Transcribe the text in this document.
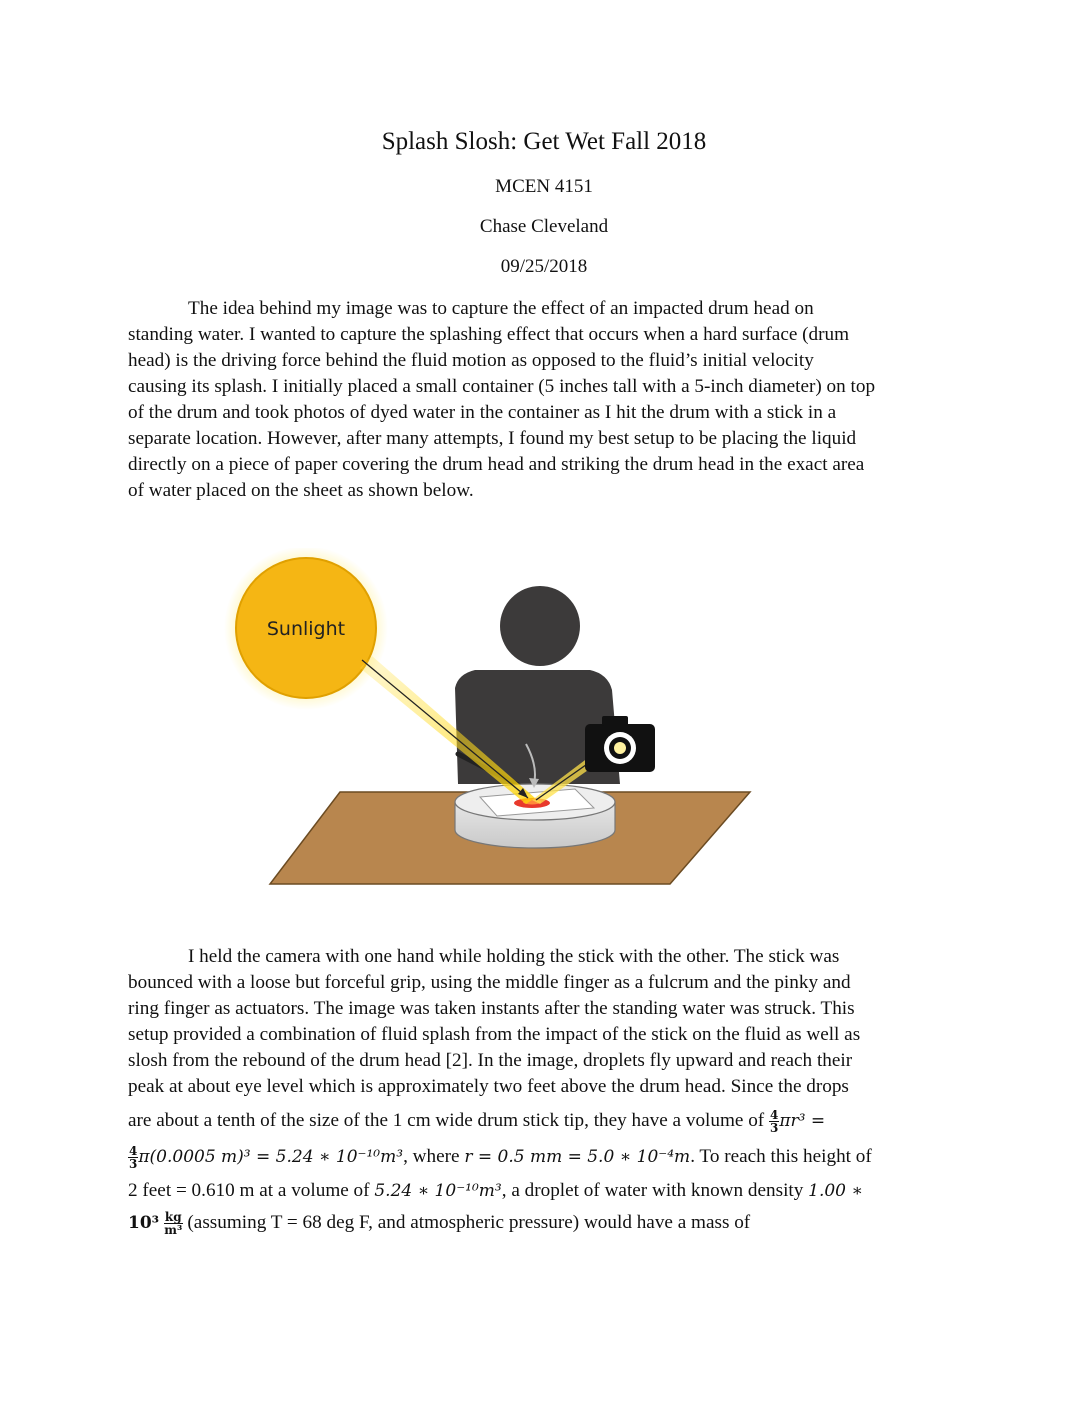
Splash Slosh: Get Wet Fall 2018
MCEN 4151
Chase Cleveland
09/25/2018
The idea behind my image was to capture the effect of an impacted drum head on
standing water. I wanted to capture the splashing effect that occurs when a hard surface (drum
head) is the driving force behind the fluid motion as opposed to the fluid’s initial velocity
causing its splash. I initially placed a small container (5 inches tall with a 5-inch diameter) on top
of the drum and took photos of dyed water in the container as I hit the drum with a stick in a
separate location. However, after many attempts, I found my best setup to be placing the liquid
directly on a piece of paper covering the drum head and striking the drum head in the exact area
of water placed on the sheet as shown below.
Sunlight
I held the camera with one hand while holding the stick with the other. The stick was
bounced with a loose but forceful grip, using the middle finger as a fulcrum and the pinky and
ring finger as actuators. The image was taken instants after the standing water was struck. This
setup provided a combination of fluid splash from the impact of the stick on the fluid as well as
slosh from the rebound of the drum head [2]. In the image, droplets fly upward and reach their
peak at about eye level which is approximately two feet above the drum head. Since the drops
are about a tenth of the size of the 1 cm wide drum stick tip, they have a volume of $\frac{4}{3} \pi r^3$ =
$\frac{4}{3} \pi(0.0005$ m)³ = 5.24 ∗ 10⁻¹⁰m³, where r = 0.5 mm = 5.0 ∗ 10⁻⁴m. To reach this height of
2 feet = 0.610 m at a volume of 5.24 ∗ 10⁻¹⁰m³, a droplet of water with known density 1.00 ∗
$10^3 \frac{kg}{\text{m³}}$ (assuming T = 68 deg F, and atmospheric pressure) would have a mass of
